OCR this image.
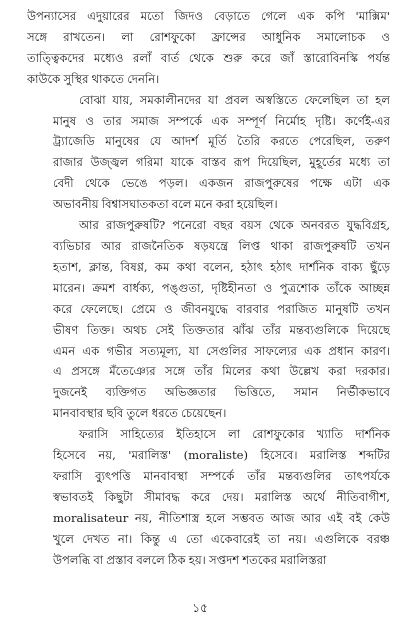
উপন্যাসের এদুয়ারের মতো জিদও বেড়াতে গেলে এক কপি 'মাক্সিম'
সঙ্গে রাখতেন। লা রোশফুকো ফ্রান্সের আধুনিক সমালোচক ও
তাত্ত্বিকদের মধ্যেও রলাঁ বার্ত থেকে শুরু করে জাঁ স্তারোবিনস্কি পর্যন্ত
কাউকে সুস্থির থাকতে দেননি।

বোঝা যায়, সমকালীনদের যা প্রবল অস্বস্তিতে ফেলেছিল তা হল
মানুষ ও তার সমাজ সম্পর্কে এক সম্পূর্ণ নির্মোহ দৃষ্টি। কর্ণেই-এর
ট্র্যাজেডি মানুষের যে আদর্শ মূর্তি তৈরি করতে পেরেছিল, তরুণ
রাজার উজ্জ্বল গরিমা যাকে বাস্তব রূপ দিয়েছিল, মুহূর্তের মধ্যে তা
বেদী থেকে ভেঙে পড়ল। একজন রাজপুরুষের পক্ষে এটা এক
অভাবনীয় বিশ্বাসঘাতকতা বলে মনে করা হয়েছিল।

আর রাজপুরুষটি? পনেরো বছর বয়স থেকে অনবরত যুদ্ধবিগ্রহ,
ব্যভিচার আর রাজনৈতিক ষড়যন্ত্রে লিপ্ত থাকা রাজপুরুষটি তখন
হতাশ, ক্লান্ত, বিষণ্ণ, কম কথা বলেন, হঠাৎ হঠাৎ দার্শনিক বাক্য ছুঁড়ে
মারেন। ক্রমশ বার্ধক্য, পঙ্গুতা, দৃষ্টিহীনতা ও পুত্রশোক তাঁকে আচ্ছন্ন
করে ফেলেছে। প্রেমে ও জীবনযুদ্ধে বারবার পরাজিত মানুষটি তখন
ভীষণ তিক্ত। অথচ সেই তিক্ততার ঝাঁঝ তাঁর মন্তব্যগুলিকে দিয়েছে
এমন এক গভীর সত্যমূল্য, যা সেগুলির সাফল্যের এক প্রধান কারণ।
এ প্রসঙ্গে মঁতেঞ্যের সঙ্গে তাঁর মিলের কথা উল্লেখ করা দরকার।
দুজনেই ব্যক্তিগত অভিজ্ঞতার ভিত্তিতে, সমান নির্ভীকভাবে
মানবাবস্থার ছবি তুলে ধরতে চেয়েছেন।

ফরাসি সাহিত্যের ইতিহাসে লা রোশফুকোর খ্যাতি দার্শনিক
হিসেবে নয়, 'মরালিস্ত' (moraliste) হিসেবে। মরালিস্ত শব্দটির
ফরাসি ব্যুৎপত্তি মানবাবস্থা সম্পর্কে তাঁর মন্তব্যগুলির তাৎপর্যকে
স্বভাবতই কিছুটা সীমাবদ্ধ করে দেয়। মরালিস্ত অর্থে নীতিবাগীশ,
moralisateur নয়, নীতিশাস্ত্র হলে সম্ভবত আজ আর এই বই কেউ
খুলে দেখত না। কিন্তু এ তো একেবারেই তা নয়। এগুলিকে বরঞ্চ
উপলব্ধি বা প্রস্তাব বললে ঠিক হয়। সপ্তদশ শতকের মরালিস্তরা

১৫
